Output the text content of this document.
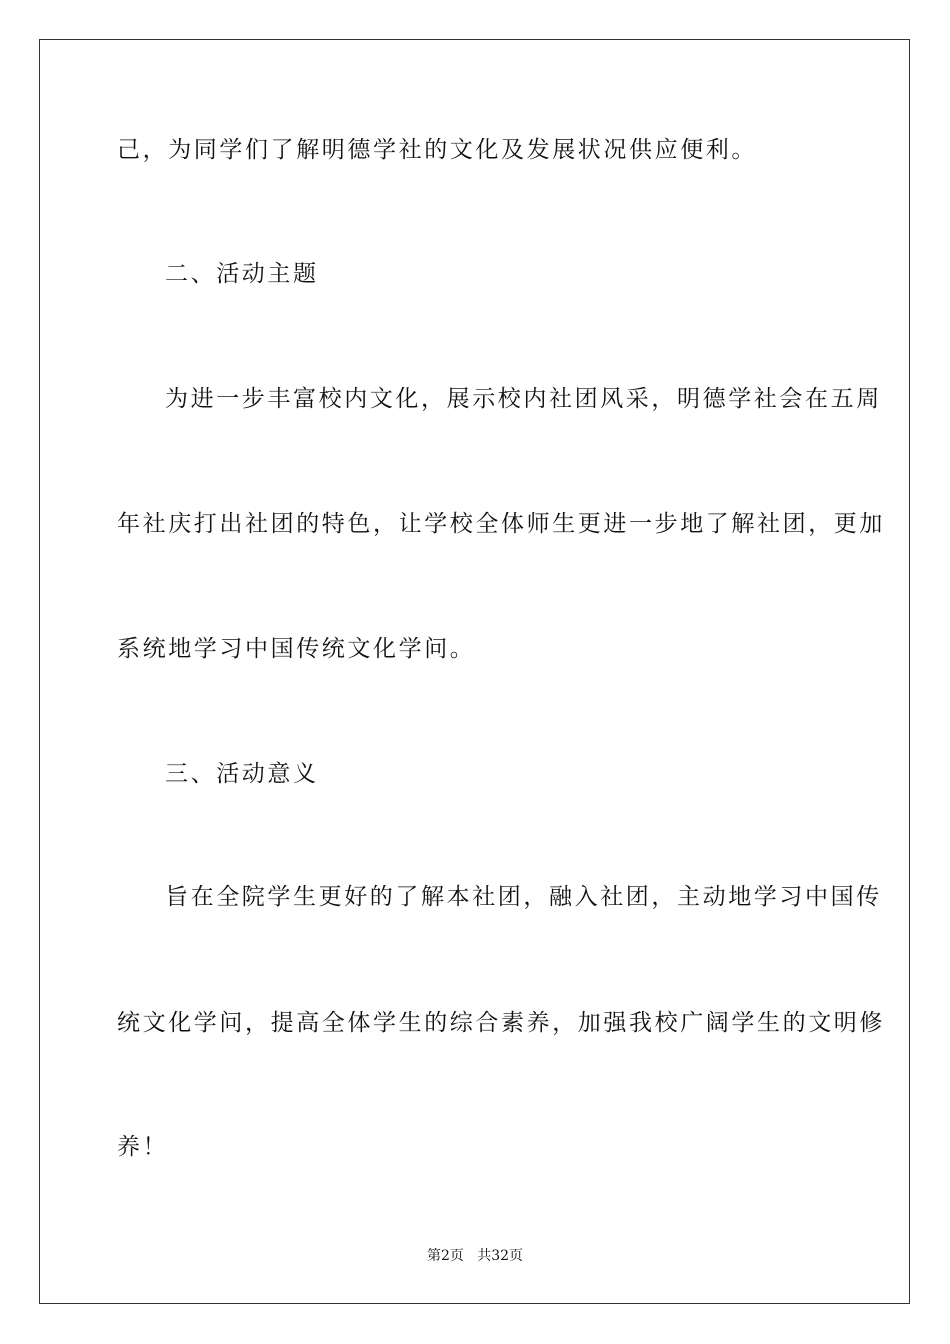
己，为同学们了解明德学社的文化及发展状况供应便利。
二、活动主题
为进一步丰富校内文化，展示校内社团风采，明德学社会在五周
年社庆打出社团的特色，让学校全体师生更进一步地了解社团，更加
系统地学习中国传统文化学问。
三、活动意义
旨在全院学生更好的了解本社团，融入社团，主动地学习中国传
统文化学问，提高全体学生的综合素养，加强我校广阔学生的文明修
养！
第2页   共32页
